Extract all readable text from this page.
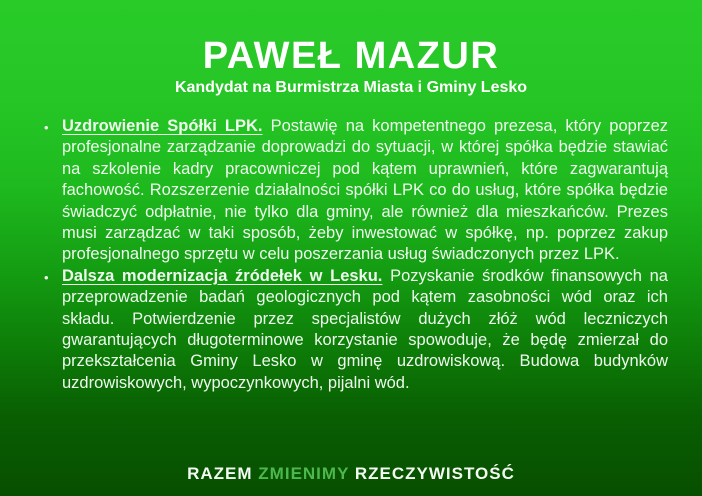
PAWEŁ MAZUR
Kandydat na Burmistrza Miasta i Gminy Lesko
• Uzdrowienie Spółki LPK. Postawię na kompetentnego prezesa, który poprzez profesjonalne zarządzanie doprowadzi do sytuacji, w której spółka będzie stawiać na szkolenie kadry pracowniczej pod kątem uprawnień, które zagwarantują fachowość. Rozszerzenie działalności spółki LPK co do usług, które spółka będzie świadczyć odpłatnie, nie tylko dla gminy, ale również dla mieszkańców. Prezes musi zarządzać w taki sposób, żeby inwestować w spółkę, np. poprzez zakup profesjonalnego sprzętu w celu poszerzania usług świadczonych przez LPK.
• Dalsza modernizacja źródełek w Lesku. Pozyskanie środków finansowych na przeprowadzenie badań geologicznych pod kątem zasobności wód oraz ich składu. Potwierdzenie przez specjalistów dużych złóż wód leczniczych gwarantujących długoterminowe korzystanie spowoduje, że będę zmierzał do przekształcenia Gminy Lesko w gminę uzdrowiskową. Budowa budynków uzdrowiskowych, wypoczynkowych, pijalni wód.
RAZEM ZMIENIMY RZECZYWISTOŚĆ
